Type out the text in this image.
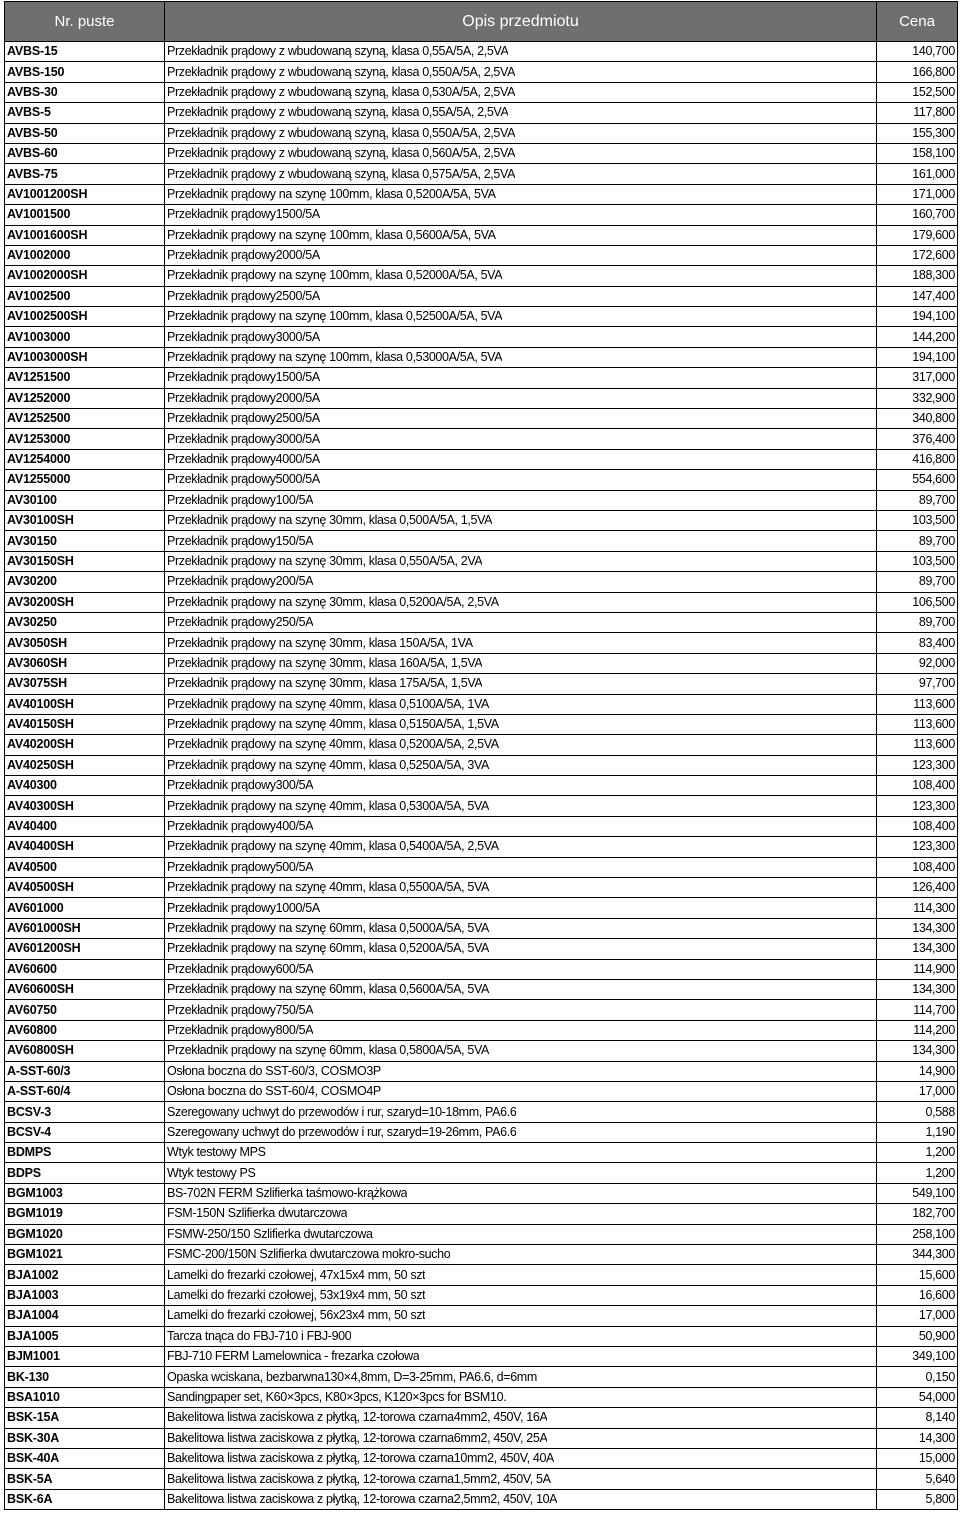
Nr. puste	Opis przedmiotu	Cena
AVBS-15	Przekładnik prądowy z wbudowaną szyną, klasa 0,55A/5A, 2,5VA	140,700
AVBS-150	Przekładnik prądowy z wbudowaną szyną, klasa 0,550A/5A, 2,5VA	166,800
AVBS-30	Przekładnik prądowy z wbudowaną szyną, klasa 0,530A/5A, 2,5VA	152,500
AVBS-5	Przekładnik prądowy z wbudowaną szyną, klasa 0,55A/5A, 2,5VA	117,800
AVBS-50	Przekładnik prądowy z wbudowaną szyną, klasa 0,550A/5A, 2,5VA	155,300
AVBS-60	Przekładnik prądowy z wbudowaną szyną, klasa 0,560A/5A, 2,5VA	158,100
AVBS-75	Przekładnik prądowy z wbudowaną szyną, klasa 0,575A/5A, 2,5VA	161,000
AV1001200SH	Przekładnik prądowy na szynę 100mm, klasa 0,5200A/5A, 5VA	171,000
AV1001500	Przekładnik prądowy1500/5A	160,700
AV1001600SH	Przekładnik prądowy na szynę 100mm, klasa 0,5600A/5A, 5VA	179,600
AV1002000	Przekładnik prądowy2000/5A	172,600
AV1002000SH	Przekładnik prądowy na szynę 100mm, klasa 0,52000A/5A, 5VA	188,300
AV1002500	Przekładnik prądowy2500/5A	147,400
AV1002500SH	Przekładnik prądowy na szynę 100mm, klasa 0,52500A/5A, 5VA	194,100
AV1003000	Przekładnik prądowy3000/5A	144,200
AV1003000SH	Przekładnik prądowy na szynę 100mm, klasa 0,53000A/5A, 5VA	194,100
AV1251500	Przekładnik prądowy1500/5A	317,000
AV1252000	Przekładnik prądowy2000/5A	332,900
AV1252500	Przekładnik prądowy2500/5A	340,800
AV1253000	Przekładnik prądowy3000/5A	376,400
AV1254000	Przekładnik prądowy4000/5A	416,800
AV1255000	Przekładnik prądowy5000/5A	554,600
AV30100	Przekładnik prądowy100/5A	89,700
AV30100SH	Przekładnik prądowy na szynę 30mm, klasa 0,500A/5A, 1,5VA	103,500
AV30150	Przekładnik prądowy150/5A	89,700
AV30150SH	Przekładnik prądowy na szynę 30mm, klasa 0,550A/5A, 2VA	103,500
AV30200	Przekładnik prądowy200/5A	89,700
AV30200SH	Przekładnik prądowy na szynę 30mm, klasa 0,5200A/5A, 2,5VA	106,500
AV30250	Przekładnik prądowy250/5A	89,700
AV3050SH	Przekładnik prądowy na szynę 30mm, klasa 150A/5A, 1VA	83,400
AV3060SH	Przekładnik prądowy na szynę 30mm, klasa 160A/5A, 1,5VA	92,000
AV3075SH	Przekładnik prądowy na szynę 30mm, klasa 175A/5A, 1,5VA	97,700
AV40100SH	Przekładnik prądowy na szynę 40mm, klasa 0,5100A/5A, 1VA	113,600
AV40150SH	Przekładnik prądowy na szynę 40mm, klasa 0,5150A/5A, 1,5VA	113,600
AV40200SH	Przekładnik prądowy na szynę 40mm, klasa 0,5200A/5A, 2,5VA	113,600
AV40250SH	Przekładnik prądowy na szynę 40mm, klasa 0,5250A/5A, 3VA	123,300
AV40300	Przekładnik prądowy300/5A	108,400
AV40300SH	Przekładnik prądowy na szynę 40mm, klasa 0,5300A/5A, 5VA	123,300
AV40400	Przekładnik prądowy400/5A	108,400
AV40400SH	Przekładnik prądowy na szynę 40mm, klasa 0,5400A/5A, 2,5VA	123,300
AV40500	Przekładnik prądowy500/5A	108,400
AV40500SH	Przekładnik prądowy na szynę 40mm, klasa 0,5500A/5A, 5VA	126,400
AV601000	Przekładnik prądowy1000/5A	114,300
AV601000SH	Przekładnik prądowy na szynę 60mm, klasa 0,5000A/5A, 5VA	134,300
AV601200SH	Przekładnik prądowy na szynę 60mm, klasa 0,5200A/5A, 5VA	134,300
AV60600	Przekładnik prądowy600/5A	114,900
AV60600SH	Przekładnik prądowy na szynę 60mm, klasa 0,5600A/5A, 5VA	134,300
AV60750	Przekładnik prądowy750/5A	114,700
AV60800	Przekładnik prądowy800/5A	114,200
AV60800SH	Przekładnik prądowy na szynę 60mm, klasa 0,5800A/5A, 5VA	134,300
A-SST-60/3	Osłona boczna do SST-60/3, COSMO3P	14,900
A-SST-60/4	Osłona boczna do SST-60/4, COSMO4P	17,000
BCSV-3	Szeregowany uchwyt do przewodów i rur, szaryd=10-18mm, PA6.6	0,588
BCSV-4	Szeregowany uchwyt do przewodów i rur, szaryd=19-26mm, PA6.6	1,190
BDMPS	Wtyk testowy MPS	1,200
BDPS	Wtyk testowy PS	1,200
BGM1003	BS-702N FERM Szlifierka taśmowo-krążkowa	549,100
BGM1019	FSM-150N Szlifierka dwutarczowa	182,700
BGM1020	FSMW-250/150 Szlifierka dwutarczowa	258,100
BGM1021	FSMC-200/150N Szlifierka dwutarczowa mokro-sucho	344,300
BJA1002	Lamelki do frezarki czołowej, 47x15x4 mm, 50 szt	15,600
BJA1003	Lamelki do frezarki czołowej, 53x19x4 mm, 50 szt	16,600
BJA1004	Lamelki do frezarki czołowej, 56x23x4 mm, 50 szt	17,000
BJA1005	Tarcza tnąca do FBJ-710 i FBJ-900	50,900
BJM1001	FBJ-710 FERM Lamelownica - frezarka czołowa	349,100
BK-130	Opaska wciskana, bezbarwna130×4,8mm, D=3-25mm, PA6.6, d=6mm	0,150
BSA1010	Sandingpaper set, K60×3pcs, K80×3pcs, K120×3pcs for BSM10.	54,000
BSK-15A	Bakelitowa listwa zaciskowa z płytką, 12-torowa czarna4mm2, 450V, 16A	8,140
BSK-30A	Bakelitowa listwa zaciskowa z płytką, 12-torowa czarna6mm2, 450V, 25A	14,300
BSK-40A	Bakelitowa listwa zaciskowa z płytką, 12-torowa czarna10mm2, 450V, 40A	15,000
BSK-5A	Bakelitowa listwa zaciskowa z płytką, 12-torowa czarna1,5mm2, 450V, 5A	5,640
BSK-6A	Bakelitowa listwa zaciskowa z płytką, 12-torowa czarna2,5mm2, 450V, 10A	5,800
